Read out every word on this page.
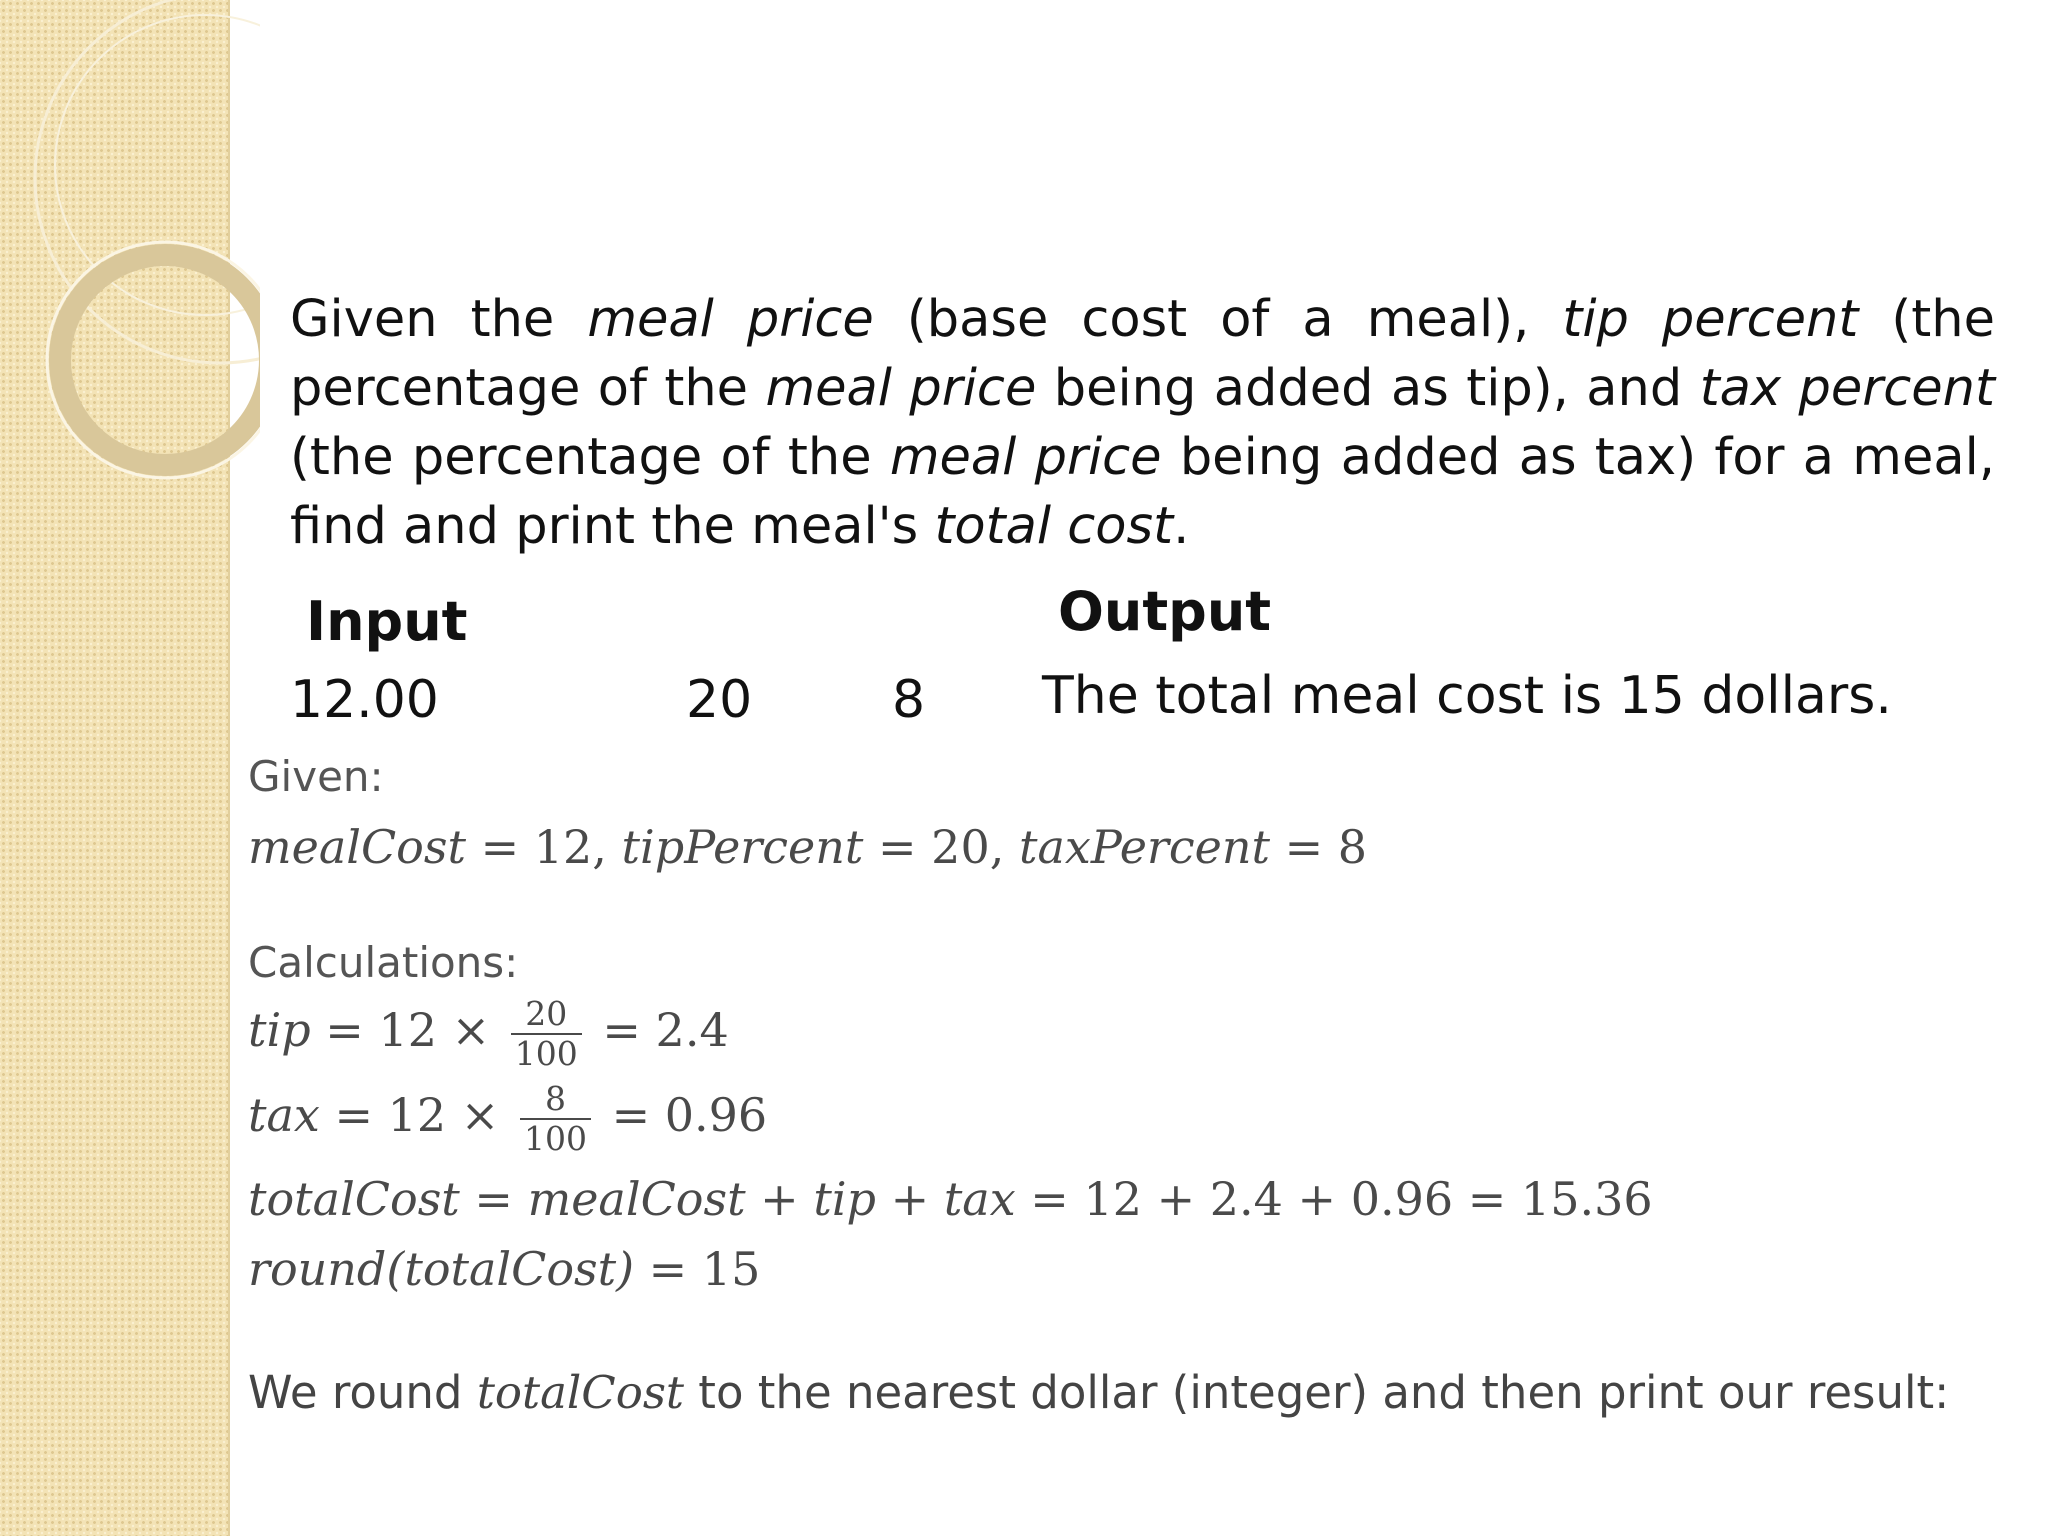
Given the meal price (base cost of a meal), tip percent (the percentage of the meal price being added as tip), and tax percent (the percentage of the meal price being added as tax) for a meal, find and print the meal's total cost.
Input	Output
12.00	20	8 The total meal cost is 15 dollars.
Given:
mealCost = 12, tipPercent = 20, taxPercent = 8
Calculations:
tip = $12 \times \frac{20}{100} = 2.4$
tax = $12 \times \frac{8}{100} = 0.96$
totalCost = mealCost + tip + tax = 12 + 2.4 + 0.96 = 15.36
round(totalCost) = 15
We round totalCost to the nearest dollar (integer) and then print our result:
